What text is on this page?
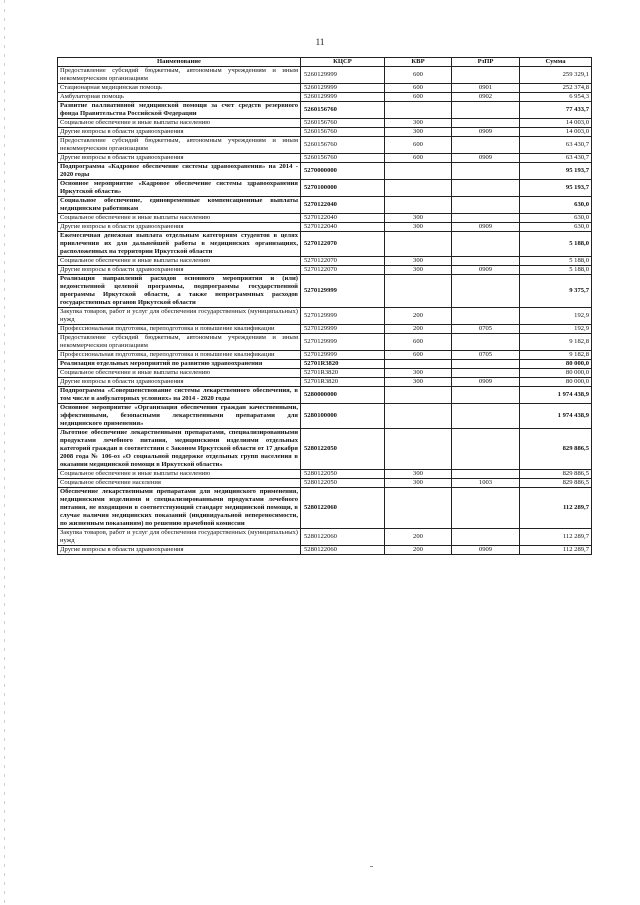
11
Наименование	КЦСР	КВР	РзПР	Сумма
Предоставление субсидий бюджетным, автономным учреждениям и иным некоммерческим организациям	5260129999	600		259 329,1
Стационарная медицинская помощь	5260129999	600	0901	252 374,8
Амбулаторная помощь	5260129999	600	0902	6 954,3
Развитие паллиативной медицинской помощи за счет средств резервного фонда Правительства Российской Федерации	5260156760			77 433,7
Социальное обеспечение и иные выплаты населению	5260156760	300		14 003,0
Другие вопросы в области здравоохранения	5260156760	300	0909	14 003,0
Предоставление субсидий бюджетным, автономным учреждениям и иным некоммерческим организациям	5260156760	600		63 430,7
Другие вопросы в области здравоохранения	5260156760	600	0909	63 430,7
Подпрограмма «Кадровое обеспечение системы здравоохранения» на 2014 - 2020 годы	5270000000			95 193,7
Основное мероприятие «Кадровое обеспечение системы здравоохранения Иркутской области»	5270100000			95 193,7
Социальное обеспечение, единовременные компенсационные выплаты медицинским работникам	5270122040			630,0
Социальное обеспечение и иные выплаты населению	5270122040	300		630,0
Другие вопросы в области здравоохранения	5270122040	300	0909	630,0
Ежемесячная денежная выплата отдельным категориям студентов в целях привлечения их для дальнейшей работы в медицинских организациях, расположенных на территории Иркутской области	5270122070			5 188,0
Социальное обеспечение и иные выплаты населению	5270122070	300		5 188,0
Другие вопросы в области здравоохранения	5270122070	300	0909	5 188,0
Реализация направлений расходов основного мероприятия и (или) ведомственной целевой программы, подпрограммы государственной программы Иркутской области, а также непрограммных расходов государственных органов Иркутской области	5270129999			9 375,7
Закупка товаров, работ и услуг для обеспечения государственных (муниципальных) нужд	5270129999	200		192,9
Профессиональная подготовка, переподготовка и повышение квалификации	5270129999	200	0705	192,9
Предоставление субсидий бюджетным, автономным учреждениям и иным некоммерческим организациям	5270129999	600		9 182,8
Профессиональная подготовка, переподготовка и повышение квалификации	5270129999	600	0705	9 182,8
Реализация отдельных мероприятий по развитию здравоохранения	52701R3820			80 000,0
Социальное обеспечение и иные выплаты населению	52701R3820	300		80 000,0
Другие вопросы в области здравоохранения	52701R3820	300	0909	80 000,0
Подпрограмма «Совершенствование системы лекарственного обеспечения, в том числе в амбулаторных условиях» на 2014 - 2020 годы	5280000000			1 974 438,9
Основное мероприятие «Организация обеспечения граждан качественными, эффективными, безопасными лекарственными препаратами для медицинского применения»	5280100000			1 974 438,9
Льготное обеспечение лекарственными препаратами, специализированными продуктами лечебного питания, медицинскими изделиями отдельных категорий граждан в соответствии с Законом Иркутской области от 17 декабря 2008 года № 106-оз «О социальной поддержке отдельных групп населения в оказании медицинской помощи в Иркутской области»	5280122050			829 886,5
Социальное обеспечение и иные выплаты населению	5280122050	300		829 886,5
Социальное обеспечение населения	5280122050	300	1003	829 886,5
Обеспечение лекарственными препаратами для медицинского применения, медицинскими изделиями и специализированными продуктами лечебного питания, не входящими в соответствующий стандарт медицинской помощи, в случае наличия медицинских показаний (индивидуальной непереносимости, по жизненным показаниям) по решению врачебной комиссии	5280122060			112 289,7
Закупка товаров, работ и услуг для обеспечения государственных (муниципальных) нужд	5280122060	200		112 289,7
Другие вопросы в области здравоохранения	5280122060	200	0909	112 289,7
